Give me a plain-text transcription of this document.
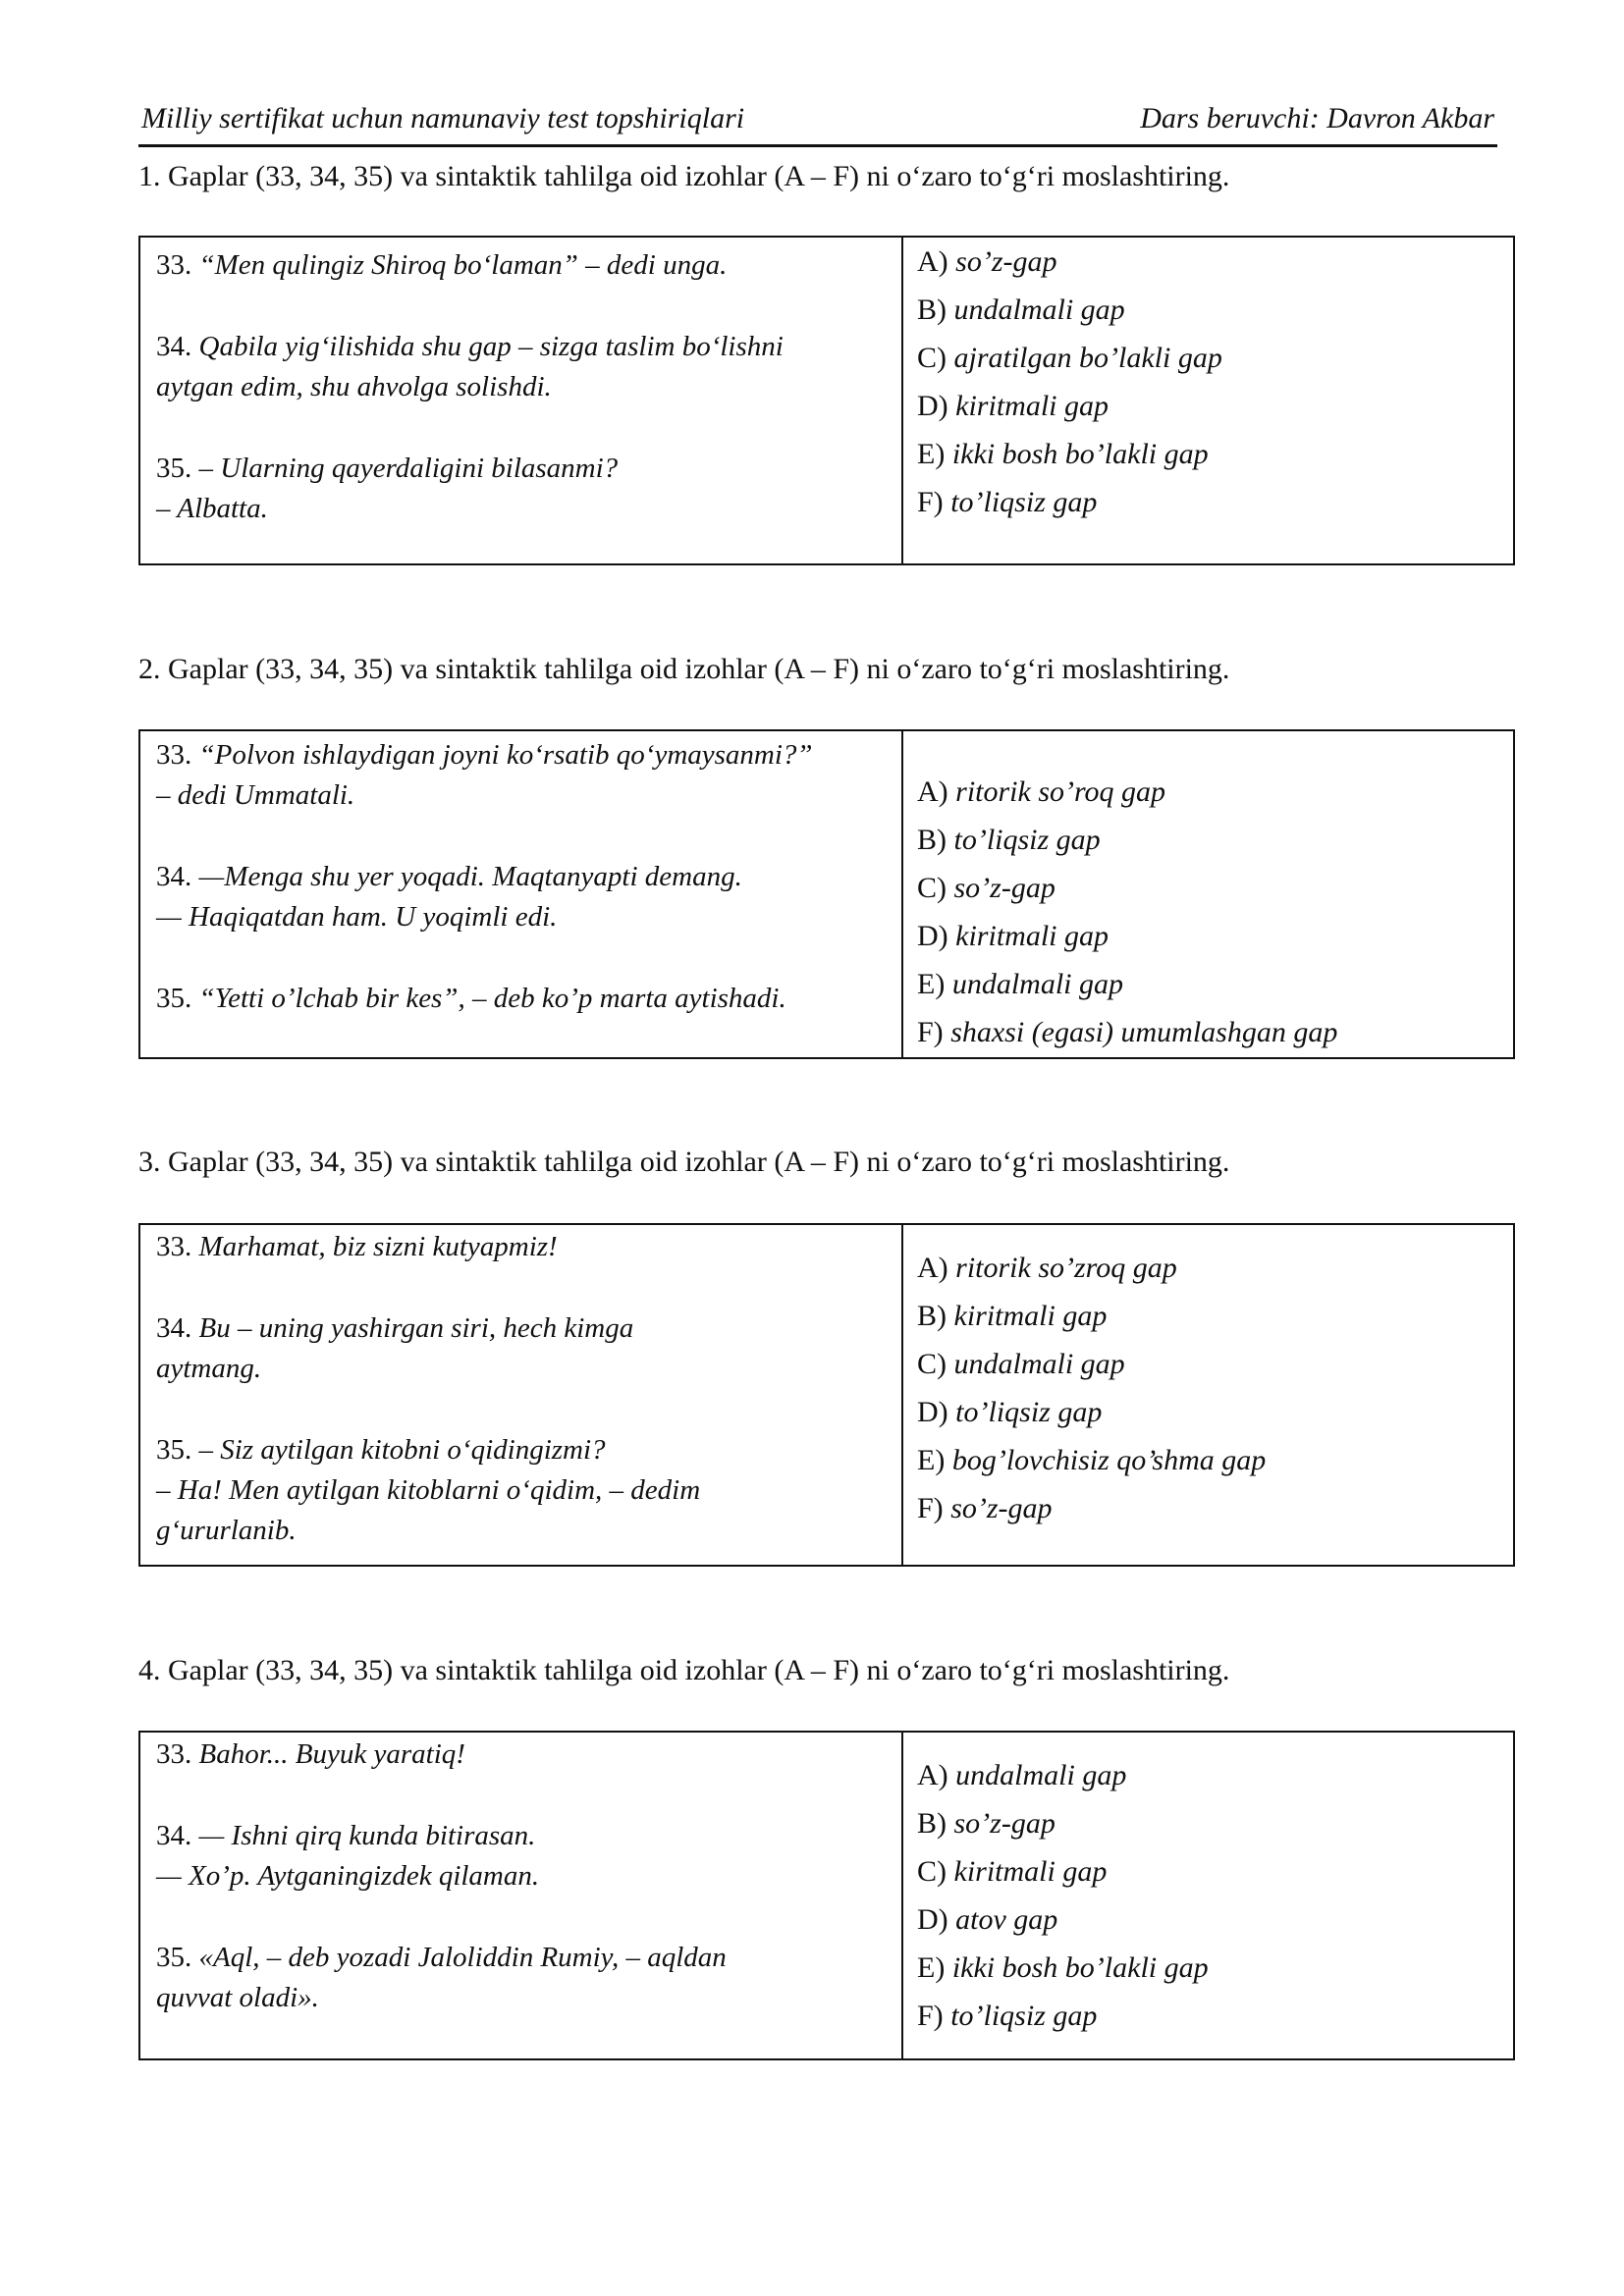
Milliy sertifikat uchun namunaviy test topshiriqlari	Dars beruvchi: Davron Akbar
1. Gaplar (33, 34, 35) va sintaktik tahlilga oid izohlar (A – F) ni o‘zaro to‘g‘ri moslashtiring.
33. “Men qulingiz Shiroq bo‘laman” – dedi unga.
34. Qabila yig‘ilishida shu gap – sizga taslim bo‘lishni
aytgan edim, shu ahvolga solishdi.
35. – Ularning qayerdaligini bilasanmi?
– Albatta.
A) so’z-gap
B) undalmali gap
C) ajratilgan bo’lakli gap
D) kiritmali gap
E) ikki bosh bo’lakli gap
F) to’liqsiz gap
2. Gaplar (33, 34, 35) va sintaktik tahlilga oid izohlar (A – F) ni o‘zaro to‘g‘ri moslashtiring.
33. “Polvon ishlaydigan joyni ko‘rsatib qo‘ymaysanmi?”
– dedi Ummatali.
34. —Menga shu yer yoqadi. Maqtanyapti demang.
— Haqiqatdan ham. U yoqimli edi.
35. “Yetti o’lchab bir kes”, – deb ko’p marta aytishadi.
A) ritorik so’roq gap
B) to’liqsiz gap
C) so’z-gap
D) kiritmali gap
E) undalmali gap
F) shaxsi (egasi) umumlashgan gap
3. Gaplar (33, 34, 35) va sintaktik tahlilga oid izohlar (A – F) ni o‘zaro to‘g‘ri moslashtiring.
33. Marhamat, biz sizni kutyapmiz!
34. Bu – uning yashirgan siri, hech kimga
aytmang.
35. – Siz aytilgan kitobni o‘qidingizmi?
– Ha! Men aytilgan kitoblarni o‘qidim, – dedim
g‘ururlanib.
A) ritorik so’zroq gap
B) kiritmali gap
C) undalmali gap
D) to’liqsiz gap
E) bog’lovchisiz qo’shma gap
F) so’z-gap
4. Gaplar (33, 34, 35) va sintaktik tahlilga oid izohlar (A – F) ni o‘zaro to‘g‘ri moslashtiring.
33. Bahor... Buyuk yaratiq!
34. — Ishni qirq kunda bitirasan.
— Xo’p. Aytganingizdek qilaman.
35. «Aql, – deb yozadi Jaloliddin Rumiy, – aqldan
quvvat oladi».
A) undalmali gap
B) so’z-gap
C) kiritmali gap
D) atov gap
E) ikki bosh bo’lakli gap
F) to’liqsiz gap
